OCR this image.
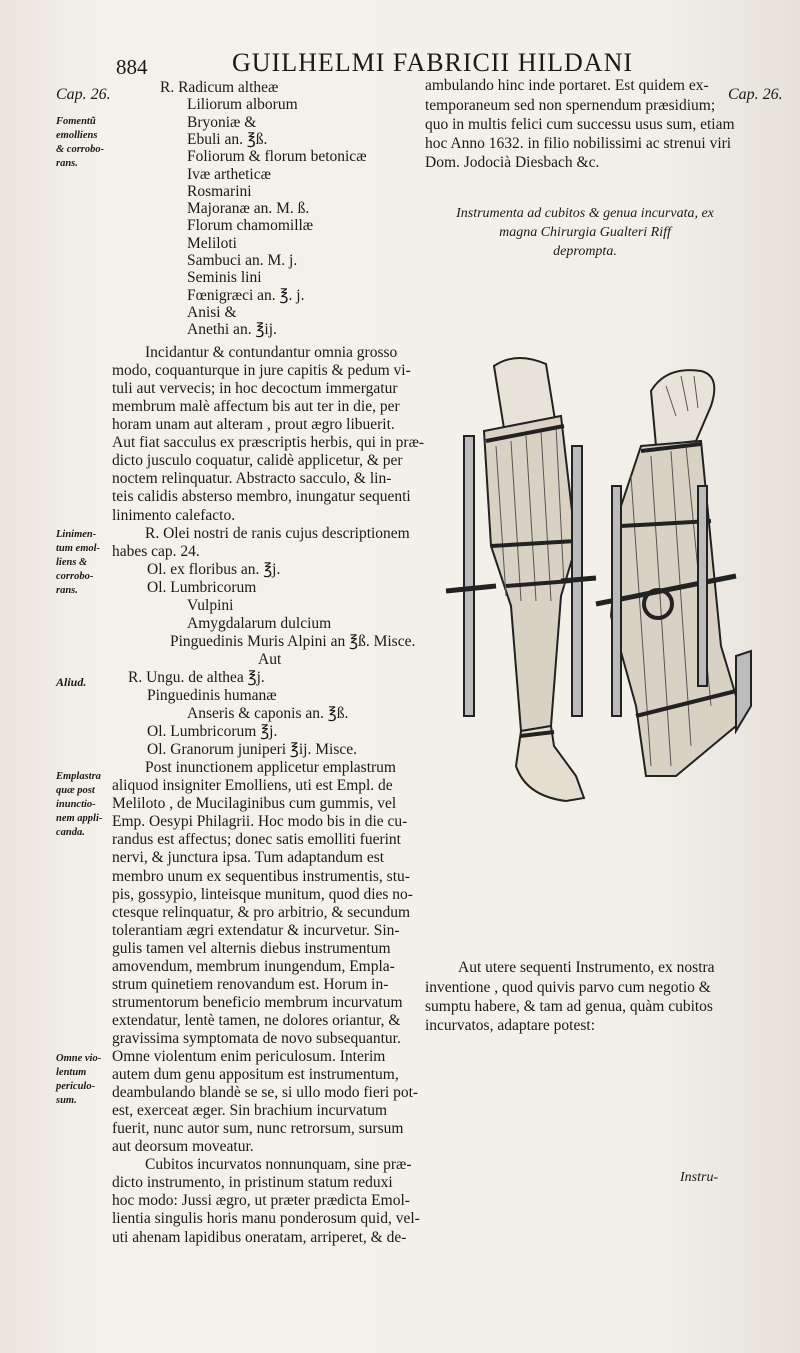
884	GUILHELMI FABRICII HILDANI
Cap. 26.	Cap. 26.
Fomentũ
emolliens
& corrobo-
rans.
Linimen-
tum emol-
liens &
corrobo-
rans.
Aliud.
Emplastra
quæ post
inunctio-
nem appli-
canda.
Omne vio-
lentum
periculo-
sum.
R. Radicum altheæ
Liliorum alborum
Bryoniæ &
Ebuli an. ℥ß.
Foliorum & florum betonicæ
Ivæ artheticæ
Rosmarini
Majoranæ an. M. ß.
Florum chamomillæ
Meliloti
Sambuci an. M. j.
Seminis lini
Fœnigræci an. ℥. j.
Anisi &
Anethi an. ℥ij.
Incidantur & contundantur omnia grosso
modo, coquanturque in jure capitis & pedum vi-
tuli aut vervecis; in hoc decoctum immergatur
membrum malè affectum bis aut ter in die, per
horam unam aut alteram , prout ægro libuerit.
Aut fiat sacculus ex præscriptis herbis, qui in præ-
dicto jusculo coquatur, calidè applicetur, & per
noctem relinquatur. Abstracto sacculo, & lin-
teis calidis absterso membro, inungatur sequenti
linimento calefacto.
R. Olei nostri de ranis cujus descriptionem
habes cap. 24.
Ol. ex floribus an. ℥j.
Ol. Lumbricorum
Vulpini
Amygdalarum dulcium
Pinguedinis Muris Alpini an ℥ß. Misce.
Aut
R. Ungu. de althea ℥j.
Pinguedinis humanæ
Anseris & caponis an. ℥ß.
Ol. Lumbricorum ℥j.
Ol. Granorum juniperi ℥ij. Misce.
Post inunctionem applicetur emplastrum
aliquod insigniter Emolliens, uti est Empl. de
Meliloto , de Mucilaginibus cum gummis, vel
Emp. Oesypi Philagrii. Hoc modo bis in die cu-
randus est affectus; donec satis emolliti fuerint
nervi, & junctura ipsa. Tum adaptandum est
membro unum ex sequentibus instrumentis, stu-
pis, gossypio, linteisque munitum, quod dies no-
ctesque relinquatur, & pro arbitrio, & secundum
tolerantiam ægri extendatur & incurvetur. Sin-
gulis tamen vel alternis diebus instrumentum
amovendum, membrum inungendum, Empla-
strum quinetiem renovandum est. Horum in-
strumentorum beneficio membrum incurvatum
extendatur, lentè tamen, ne dolores oriantur, &
gravissima symptomata de novo subsequantur.
Omne violentum enim periculosum. Interim
autem dum genu appositum est instrumentum,
deambulando blandè se se, si ullo modo fieri pot-
est, exerceat æger. Sin brachium incurvatum
fuerit, nunc autor sum, nunc retrorsum, sursum
aut deorsum moveatur.
Cubitos incurvatos nonnunquam, sine præ-
dicto instrumento, in pristinum statum reduxi
hoc modo: Jussi ægro, ut præter prædicta Emol-
lientia singulis horis manu ponderosum quid, vel-
uti ahenam lapidibus oneratam, arriperet, & de-
ambulando hinc inde portaret. Est quidem ex-
temporaneum sed non spernendum præsidium;
quo in multis felici cum successu usus sum, etiam
hoc Anno 1632. in filio nobilissimi ac strenui viri
Dom. Jodocià Diesbach &c.
Instrumenta ad cubitos & genua incurvata, ex
magna Chirurgia Gualteri Riff
deprompta.
Aut utere sequenti Instrumento, ex nostra
inventione , quod quivis parvo cum negotio &
sumptu habere, & tam ad genua, quàm cubitos
incurvatos, adaptare potest:
Instru-
